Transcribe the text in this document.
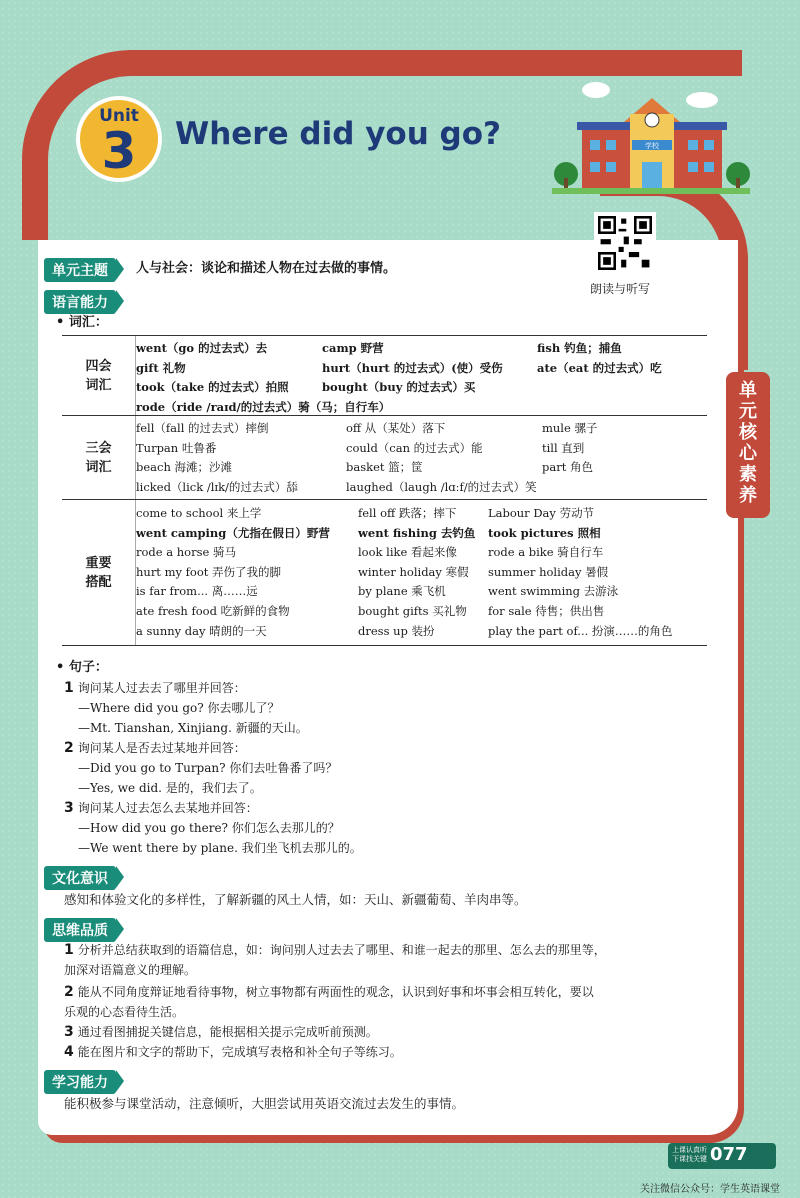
Unit
3	Where did you go?	学校
朗读与听写
单元核心素养
单元主题	人与社会：谈论和描述人物在过去做的事情。
语言能力
• 词汇：
四会
词汇
went（go 的过去式）去	camp 野营	fish 钓鱼；捕鱼
gift 礼物	hurt（hurt 的过去式）(使）受伤	ate（eat 的过去式）吃
took（take 的过去式）拍照	bought（buy 的过去式）买
rode（ride /raɪd/的过去式）骑（马；自行车）
三会
词汇
fell（fall 的过去式）摔倒	off 从（某处）落下	mule 骡子
Turpan 吐鲁番	could（can 的过去式）能	till 直到
beach 海滩；沙滩	basket 篮；筐	part 角色
licked（lick /lɪk/的过去式）舔	laughed（laugh /lɑːf/的过去式）笑
重要
搭配
come to school 来上学	fell off 跌落；摔下	Labour Day 劳动节
went camping（尤指在假日）野营	went fishing 去钓鱼	took pictures 照相
rode a horse 骑马	look like 看起来像	rode a bike 骑自行车
hurt my foot 弄伤了我的脚	winter holiday 寒假	summer holiday 暑假
is far from... 离……远	by plane 乘飞机	went swimming 去游泳
ate fresh food 吃新鲜的食物	bought gifts 买礼物	for sale 待售；供出售
a sunny day 晴朗的一天	dress up 装扮	play the part of... 扮演……的角色
• 句子：
1 询问某人过去去了哪里并回答：
—Where did you go? 你去哪儿了？
—Mt. Tianshan, Xinjiang. 新疆的天山。
2 询问某人是否去过某地并回答：
—Did you go to Turpan? 你们去吐鲁番了吗？
—Yes, we did. 是的，我们去了。
3 询问某人过去怎么去某地并回答：
—How did you go there? 你们怎么去那儿的？
—We went there by plane. 我们坐飞机去那儿的。
文化意识
感知和体验文化的多样性，了解新疆的风土人情，如：天山、新疆葡萄、羊肉串等。
思维品质
1 分析并总结获取到的语篇信息，如：询问别人过去去了哪里、和谁一起去的那里、怎么去的那里等，
加深对语篇意义的理解。
2 能从不同角度辩证地看待事物，树立事物都有两面性的观念，认识到好事和坏事会相互转化，要以
乐观的心态看待生活。
3 通过看图捕捉关键信息，能根据相关提示完成听前预测。
4 能在图片和文字的帮助下，完成填写表格和补全句子等练习。
学习能力
能积极参与课堂活动，注意倾听，大胆尝试用英语交流过去发生的事情。
上课认真听 下课找关键 077
关注微信公众号：学生英语课堂
